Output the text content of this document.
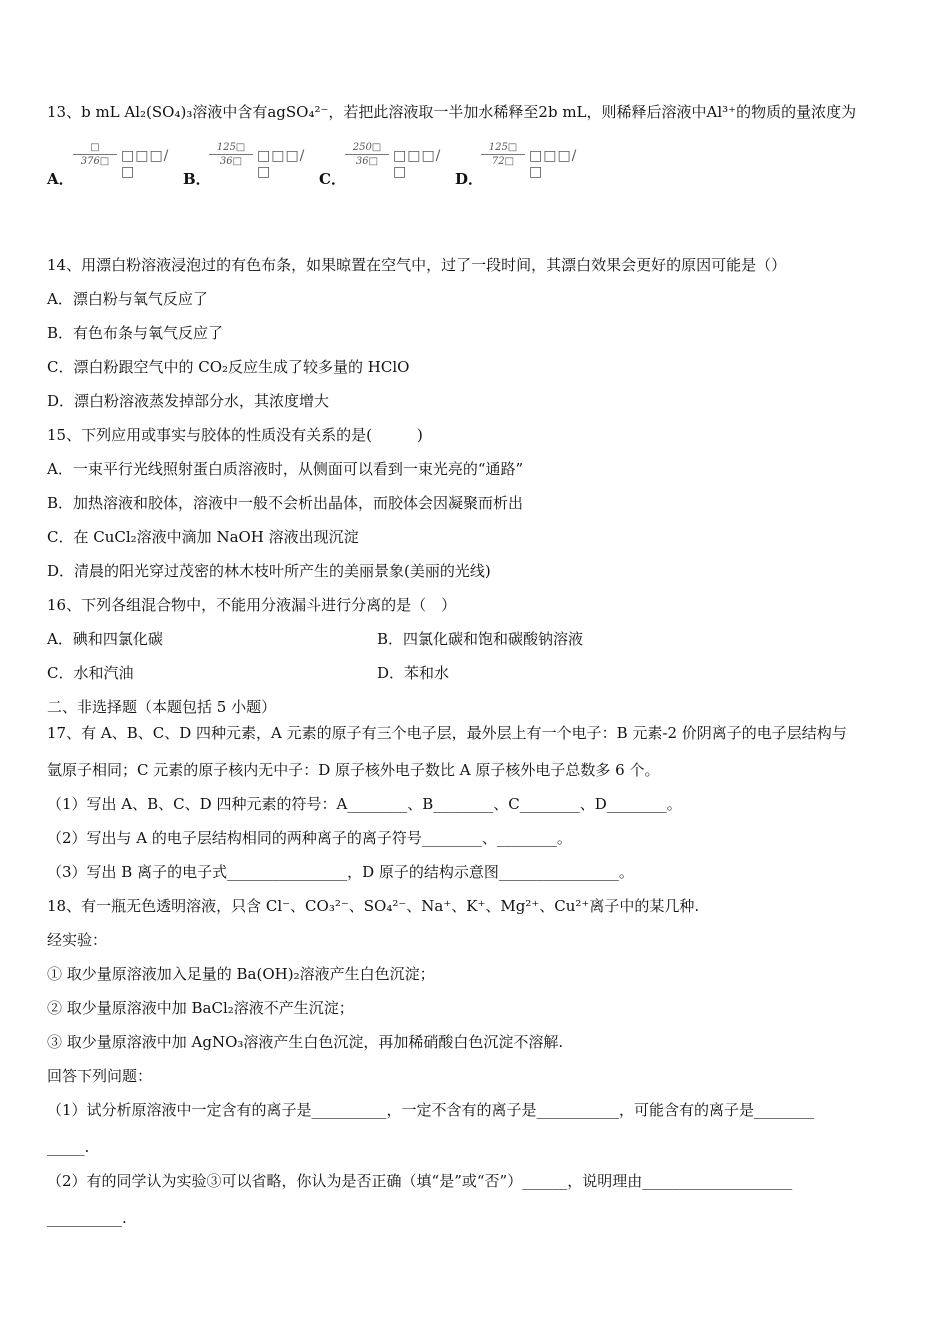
13、b mL Al₂(SO₄)₃溶液中含有agSO₄²⁻，若把此溶液取一半加水稀释至2b mL，则稀释后溶液中Al³⁺的物质的量浓度为
A．
□
376□ □□□/□	B．
$\frac{125□}{36□}$ □□□/□	C．
$\frac{250□}{36□}$ □□□/□	D．
$\frac{125□}{72□}$ □□□/□
14、用漂白粉溶液浸泡过的有色布条，如果晾置在空气中，过了一段时间，其漂白效果会更好的原因可能是（）
A．漂白粉与氧气反应了
B．有色布条与氧气反应了
C．漂白粉跟空气中的 CO₂反应生成了较多量的 HClO
D．漂白粉溶液蒸发掉部分水，其浓度增大
15、下列应用或事实与胶体的性质没有关系的是(　　　)
A．一束平行光线照射蛋白质溶液时，从侧面可以看到一束光亮的“通路”
B．加热溶液和胶体，溶液中一般不会析出晶体，而胶体会因凝聚而析出
C．在 CuCl₂溶液中滴加 NaOH 溶液出现沉淀
D．清晨的阳光穿过茂密的林木枝叶所产生的美丽景象(美丽的光线)
16、下列各组混合物中，不能用分液漏斗进行分离的是（　）
A．碘和四氯化碳	B．四氯化碳和饱和碳酸钠溶液
C．水和汽油	D．苯和水
二、非选择题（本题包括 5 小题）
17、有 A、B、C、D 四种元素，A 元素的原子有三个电子层，最外层上有一个电子：B 元素-2 价阴离子的电子层结构与
氩原子相同；C 元素的原子核内无中子：D 原子核外电子数比 A 原子核外电子总数多 6 个。
（1）写出 A、B、C、D 四种元素的符号：A________、B________、C________、D________。
（2）写出与 A 的电子层结构相同的两种离子的离子符号________、________。
（3）写出 B 离子的电子式________________，D 原子的结构示意图________________。
18、有一瓶无色透明溶液，只含 Cl⁻、CO₃²⁻、SO₄²⁻、Na⁺、K⁺、Mg²⁺、Cu²⁺离子中的某几种.
经实验：
① 取少量原溶液加入足量的 Ba(OH)₂溶液产生白色沉淀；
② 取少量原溶液中加 BaCl₂溶液不产生沉淀；
③ 取少量原溶液中加 AgNO₃溶液产生白色沉淀，再加稀硝酸白色沉淀不溶解.
回答下列问题：
（1）试分析原溶液中一定含有的离子是__________，一定不含有的离子是___________，可能含有的离子是________
_____.
（2）有的同学认为实验③可以省略，你认为是否正确（填“是”或“否”）______，说明理由____________________
__________.
